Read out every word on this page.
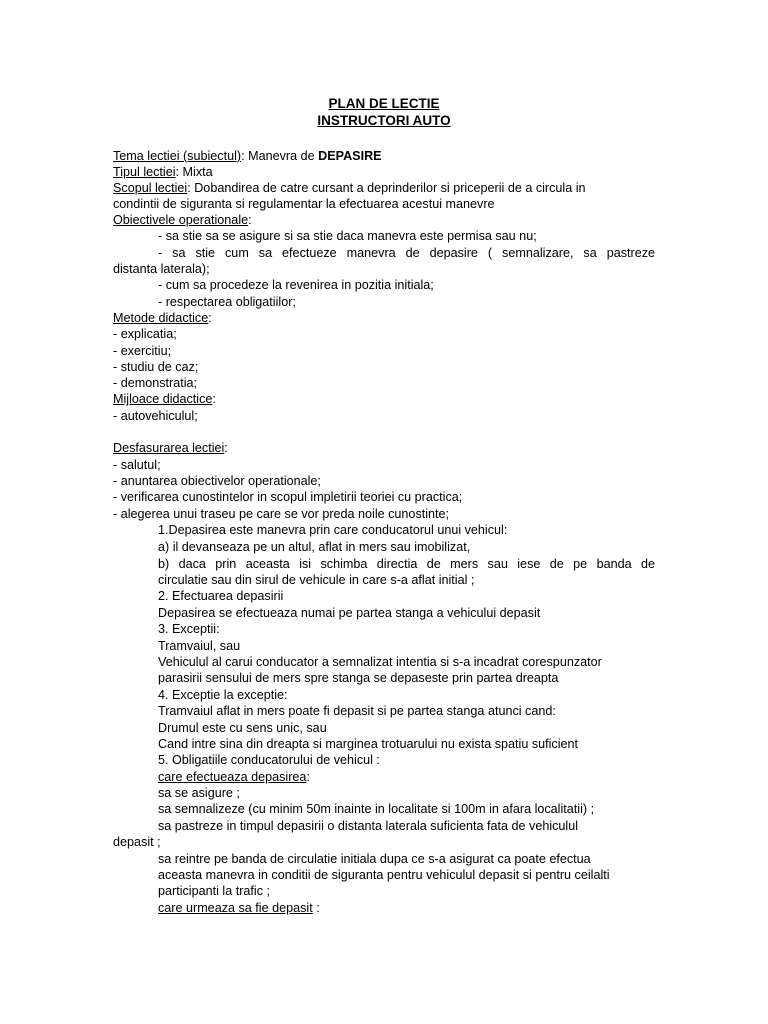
PLAN DE LECTIE
INSTRUCTORI AUTO
Tema lectiei (subiectul): Manevra de DEPASIRE
Tipul lectiei: Mixta
Scopul lectiei: Dobandirea de catre cursant a deprinderilor si priceperii de a circula in
condintii de siguranta si regulamentar la efectuarea acestui manevre
Obiectivele operationale:
- sa stie sa se asigure si sa stie daca manevra este permisa sau nu;
- sa stie cum sa efectueze manevra de depasire ( semnalizare, sa pastreze
distanta laterala);
- cum sa procedeze la revenirea in pozitia initiala;
- respectarea obligatiilor;
Metode didactice:
- explicatia;
- exercitiu;
- studiu de caz;
- demonstratia;
Mijloace didactice:
- autovehiculul;
Desfasurarea lectiei:
- salutul;
- anuntarea obiectivelor operationale;
- verificarea cunostintelor in scopul impletirii teoriei cu practica;
- alegerea unui traseu pe care se vor preda noile cunostinte;
1.Depasirea este manevra prin care conducatorul unui vehicul:
a) il devanseaza pe un altul, aflat in mers sau imobilizat,
b) daca prin aceasta isi schimba directia de mers sau iese de pe banda de
circulatie sau din sirul de vehicule in care s-a aflat initial ;
2. Efectuarea depasirii
Depasirea se efectueaza numai pe partea stanga a vehicului depasit
3. Exceptii:
Tramvaiul, sau
Vehiculul al carui conducator a semnalizat intentia si s-a incadrat corespunzator
parasirii sensului de mers spre stanga se depaseste prin partea dreapta
4. Exceptie la exceptie:
Tramvaiul aflat in mers poate fi depasit si pe partea stanga atunci cand:
Drumul este cu sens unic, sau
Cand intre sina din dreapta si marginea trotuarului nu exista spatiu suficient
5. Obligatiile conducatorului de vehicul :
care efectueaza depasirea:
sa se asigure ;
sa semnalizeze (cu minim 50m inainte in localitate si 100m in afara localitatii) ;
sa pastreze in timpul depasirii o distanta laterala suficienta fata de vehiculul
depasit ;
sa reintre pe banda de circulatie initiala dupa ce s-a asigurat ca poate efectua
aceasta manevra in conditii de siguranta pentru vehiculul depasit si pentru ceilalti
participanti la trafic ;
care urmeaza sa fie depasit :
